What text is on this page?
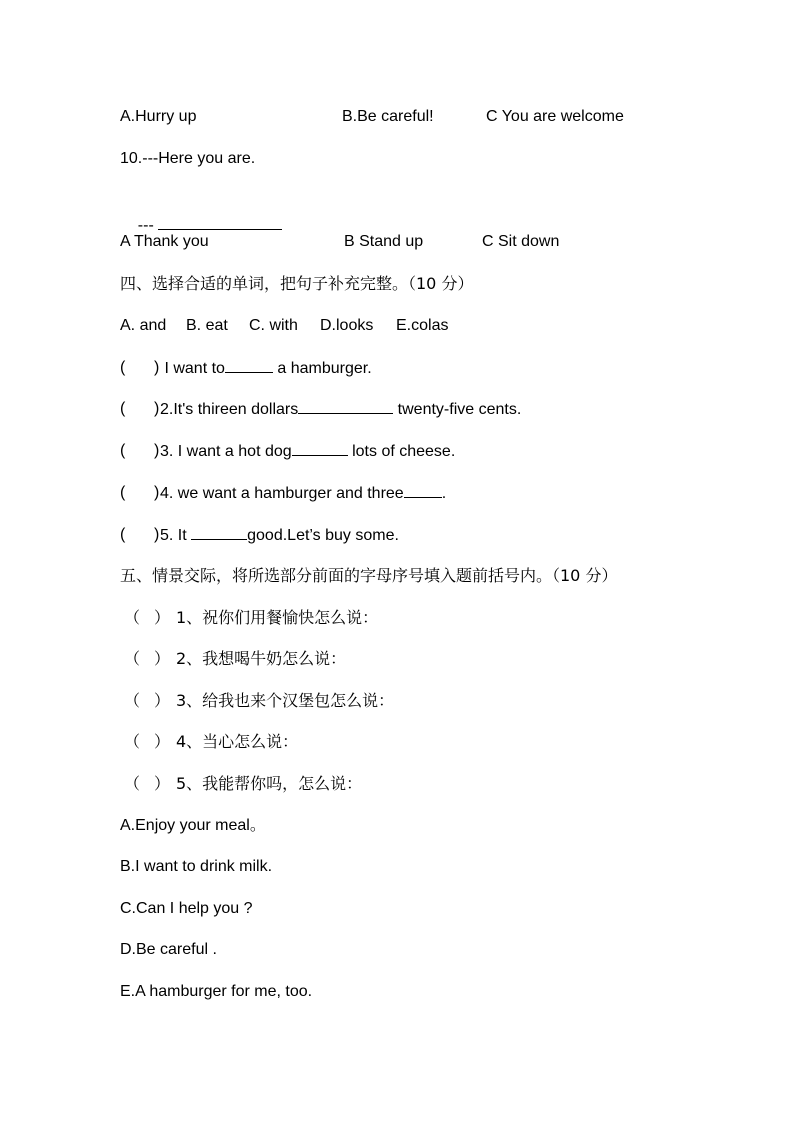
A.Hurry up

	B.Be careful!

	C You are welcome

10.---Here you are.

---

A Thank you

	B Stand up

	C Sit down

四、选择合适的单词，把句子补充完整。（10 分）

A. and

B. eat

C. with

D.looks

E.colas

(

)

I want to	a hamburger.

(

)

2.It's thireen dollars	twenty-five cents.

(

)

3. I want a hot dog	lots of cheese.

(

)

4. we want a hamburger and three .

(

)

5. It	good.Let’s buy some.

五、情景交际，将所选部分前面的字母序号填入题前括号内。（10 分）

（

）

1、祝你们用餐愉快怎么说：

（

）

2、我想喝牛奶怎么说：

（

）

3、给我也来个汉堡包怎么说：

（

）

4、当心怎么说：

（

）

5、我能帮你吗，怎么说：

A.Enjoy your meal。
B.I want to drink milk.
C.Can I help you ?
D.Be careful .
E.A hamburger for me, too.
